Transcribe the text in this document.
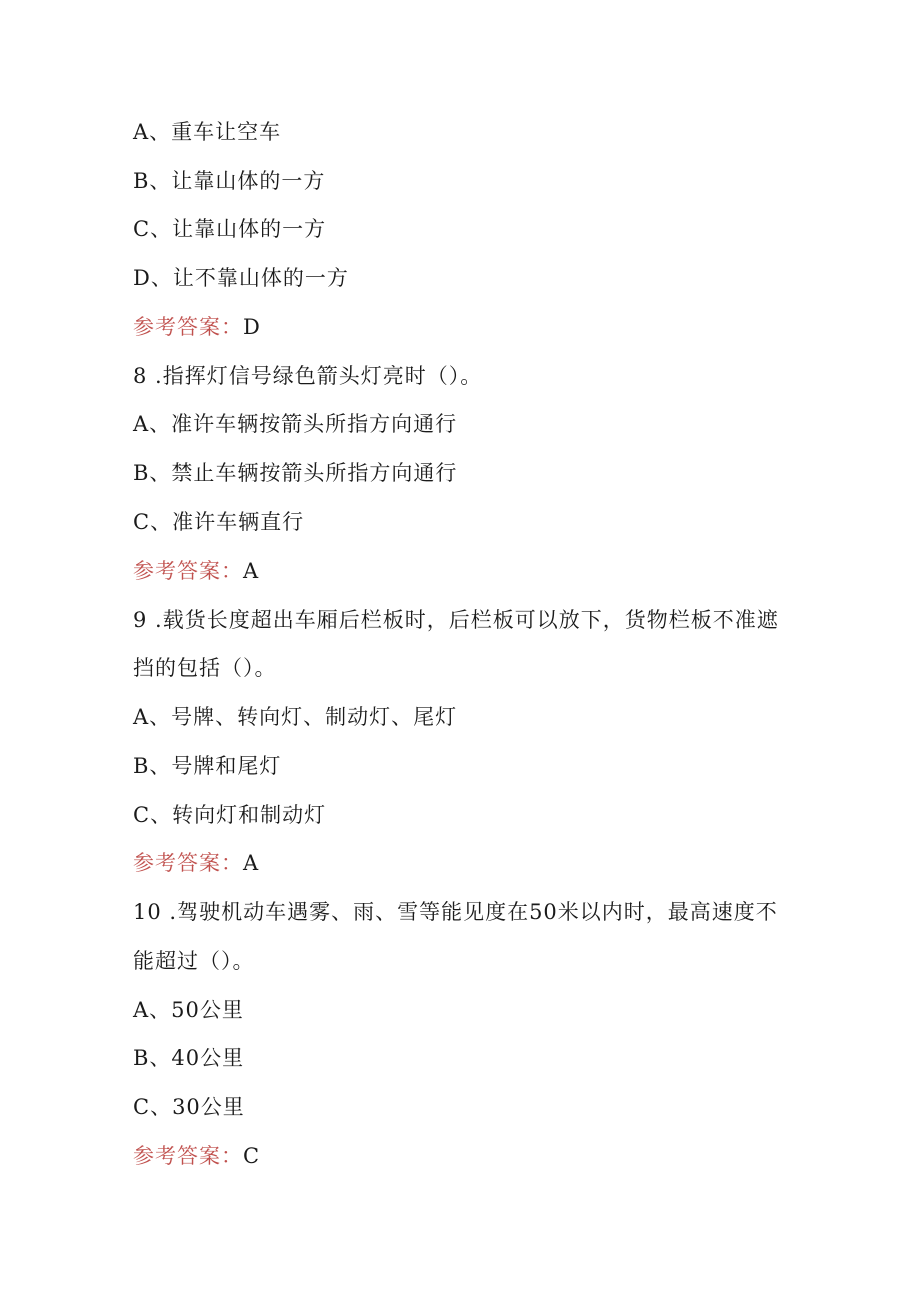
A、重车让空车

B、让靠山体的一方

C、让靠山体的一方

D、让不靠山体的一方

参考答案：D

8 .指挥灯信号绿色箭头灯亮时（）。

A、准许车辆按箭头所指方向通行

B、禁止车辆按箭头所指方向通行

C、准许车辆直行

参考答案：A

9 .载货长度超出车厢后栏板时，后栏板可以放下，货物栏板不准遮

挡的包括（）。

A、号牌、转向灯、制动灯、尾灯

B、号牌和尾灯

C、转向灯和制动灯

参考答案：A

10 .驾驶机动车遇雾、雨、雪等能见度在50米以内时，最高速度不

能超过（）。

A、50公里

B、40公里

C、30公里

参考答案：C
